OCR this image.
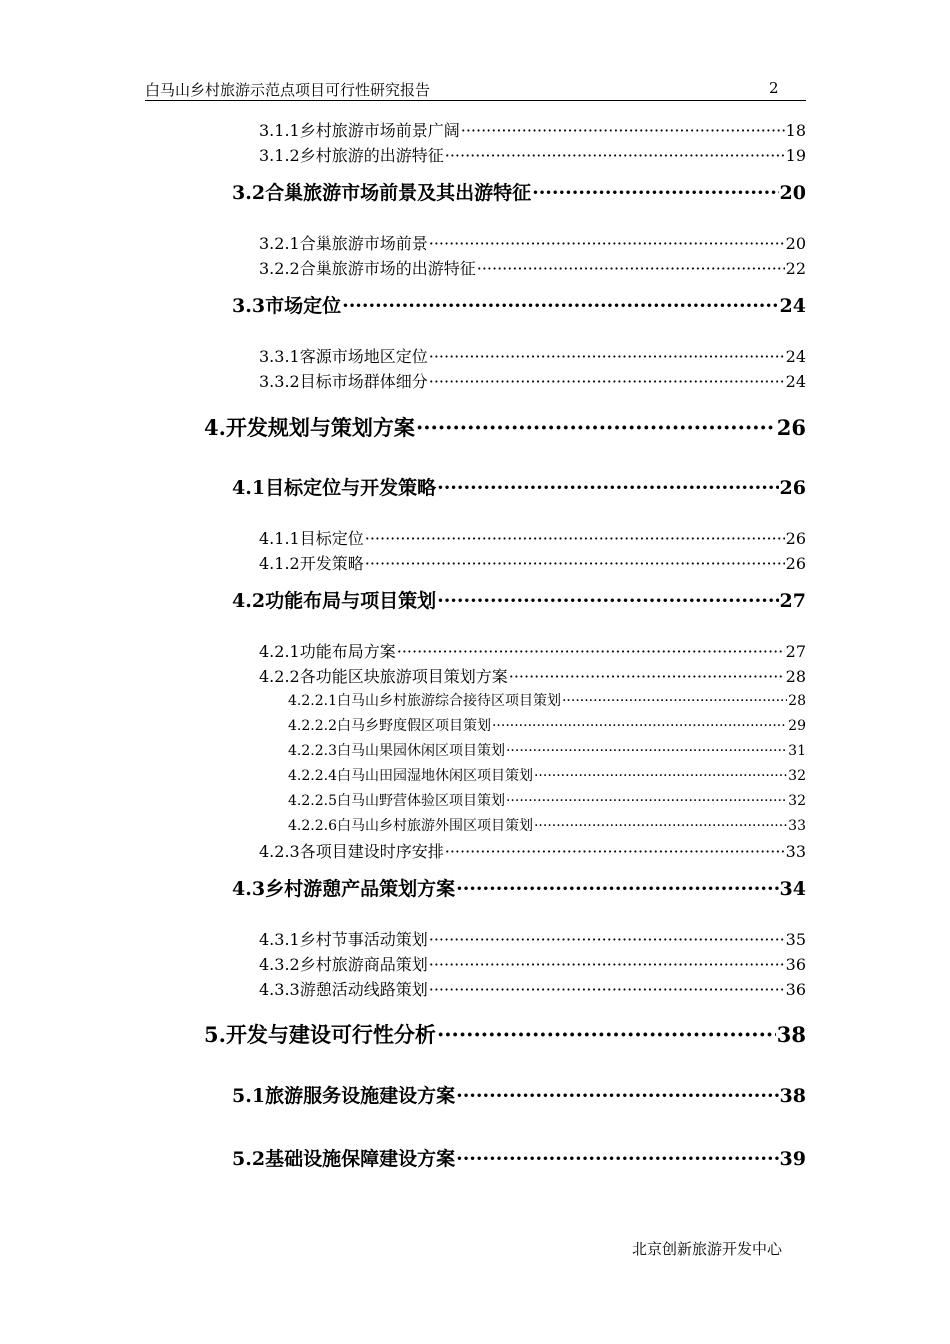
白马山乡村旅游示范点项目可行性研究报告	2
3.1.1 乡村旅游市场前景广阔 ·····	18
3.1.2 乡村旅游的出游特征 ·····	19
3.2 合巢旅游市场前景及其出游特征 ·····	20
3.2.1 合巢旅游市场前景 ·····	20
3.2.2 合巢旅游市场的出游特征 ·····	22
3.3 市场定位 ·····	24
3.3.1 客源市场地区定位 ·····	24
3.3.2 目标市场群体细分 ·····	24
4. 开发规划与策划方案 ·····	26
4.1 目标定位与开发策略 ·····	26
4.1.1 目标定位 ·····	26
4.1.2 开发策略 ·····	26
4.2 功能布局与项目策划 ·····	27
4.2.1 功能布局方案 ·····	27
4.2.2 各功能区块旅游项目策划方案 ·····	28
4.2.2.1 白马山乡村旅游综合接待区项目策划 ·····	28
4.2.2.2 白马乡野度假区项目策划 ·····	29
4.2.2.3 白马山果园休闲区项目策划 ·····	31
4.2.2.4 白马山田园湿地休闲区项目策划 ·····	32
4.2.2.5 白马山野营体验区项目策划 ·····	32
4.2.2.6 白马山乡村旅游外围区项目策划 ·····	33
4.2.3 各项目建设时序安排 ·····	33
4.3 乡村游憩产品策划方案 ·····	34
4.3.1 乡村节事活动策划 ·····	35
4.3.2 乡村旅游商品策划 ·····	36
4.3.3 游憩活动线路策划 ·····	36
5. 开发与建设可行性分析 ·····	38
5.1 旅游服务设施建设方案 ·····	38
5.2 基础设施保障建设方案 ·····	39
北京创新旅游开发中心
